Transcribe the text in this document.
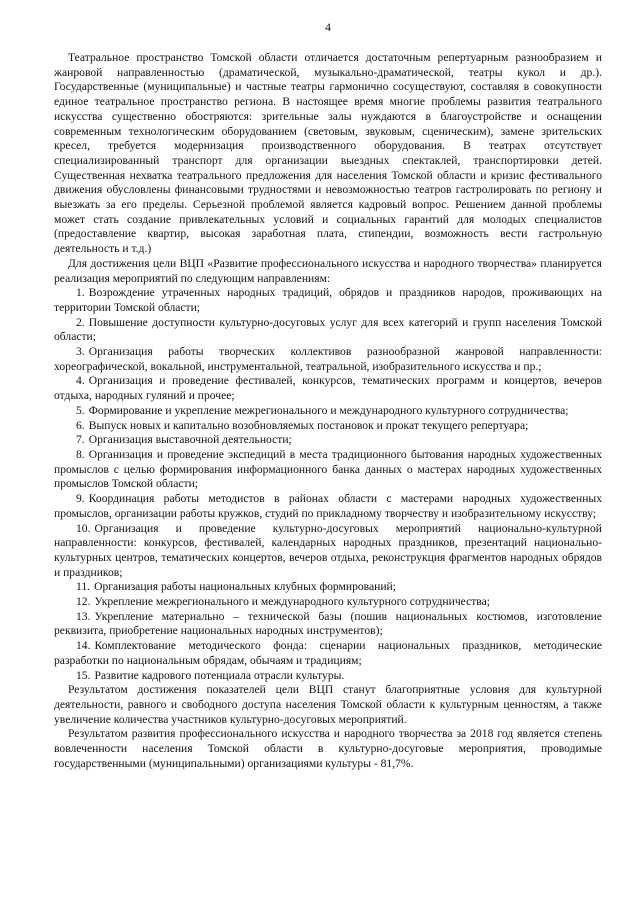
4

Театральное пространство Томской области отличается достаточным репертуарным разнообразием и жанровой направленностью (драматической, музыкально-драматической, театры кукол и др.). Государственные (муниципальные) и частные театры гармонично сосуществуют, составляя в совокупности единое театральное пространство региона. В настоящее время многие проблемы развития театрального искусства существенно обостряются: зрительные залы нуждаются в благоустройстве и оснащении современным технологическим оборудованием (световым, звуковым, сценическим), замене зрительских кресел, требуется модернизация производственного оборудования. В театрах отсутствует специализированный транспорт для организации выездных спектаклей, транспортировки детей. Существенная нехватка театрального предложения для населения Томской области и кризис фестивального движения обусловлены финансовыми трудностями и невозможностью театров гастролировать по региону и выезжать за его пределы. Серьезной проблемой является кадровый вопрос. Решением данной проблемы может стать создание привлекательных условий и социальных гарантий для молодых специалистов (предоставление квартир, высокая заработная плата, стипендии, возможность вести гастрольную деятельность и т.д.)

Для достижения цели ВЦП «Развитие профессионального искусства и народного творчества» планируется реализация мероприятий по следующим направлениям:

1. Возрождение утраченных народных традиций, обрядов и праздников народов, проживающих на территории Томской области;
2. Повышение доступности культурно-досуговых услуг для всех категорий и групп населения Томской области;
3. Организация работы творческих коллективов разнообразной жанровой направленности: хореографической, вокальной, инструментальной, театральной, изобразительного искусства и пр.;
4. Организация и проведение фестивалей, конкурсов, тематических программ и концертов, вечеров отдыха, народных гуляний и прочее;
5. Формирование и укрепление межрегионального и международного культурного сотрудничества;
6. Выпуск новых и капитально возобновляемых постановок и прокат текущего репертуара;
7. Организация выставочной деятельности;
8. Организация и проведение экспедиций в места традиционного бытования народных художественных промыслов с целью формирования информационного банка данных о мастерах народных художественных промыслов Томской области;
9. Координация работы методистов в районах области с мастерами народных художественных промыслов, организации работы кружков, студий по прикладному творчеству и изобразительному искусству;
10. Организация и проведение культурно-досуговых мероприятий национально-культурной направленности: конкурсов, фестивалей, календарных народных праздников, презентаций национально-культурных центров, тематических концертов, вечеров отдыха, реконструкция фрагментов народных обрядов и праздников;
11. Организация работы национальных клубных формирований;
12. Укрепление межрегионального и международного культурного сотрудничества;
13. Укрепление материально – технической базы (пошив национальных костюмов, изготовление реквизита, приобретение национальных народных инструментов);
14. Комплектование методического фонда: сценарии национальных праздников, методические разработки по национальным обрядам, обычаям и традициям;
15. Развитие кадрового потенциала отрасли культуры.

Результатом достижения показателей цели ВЦП станут благоприятные условия для культурной деятельности, равного и свободного доступа населения Томской области к культурным ценностям, а также увеличение количества участников культурно-досуговых мероприятий.

Результатом развития профессионального искусства и народного творчества за 2018 год является степень вовлеченности населения Томской области в культурно-досуговые мероприятия, проводимые государственными (муниципальными) организациями культуры - 81,7%.
